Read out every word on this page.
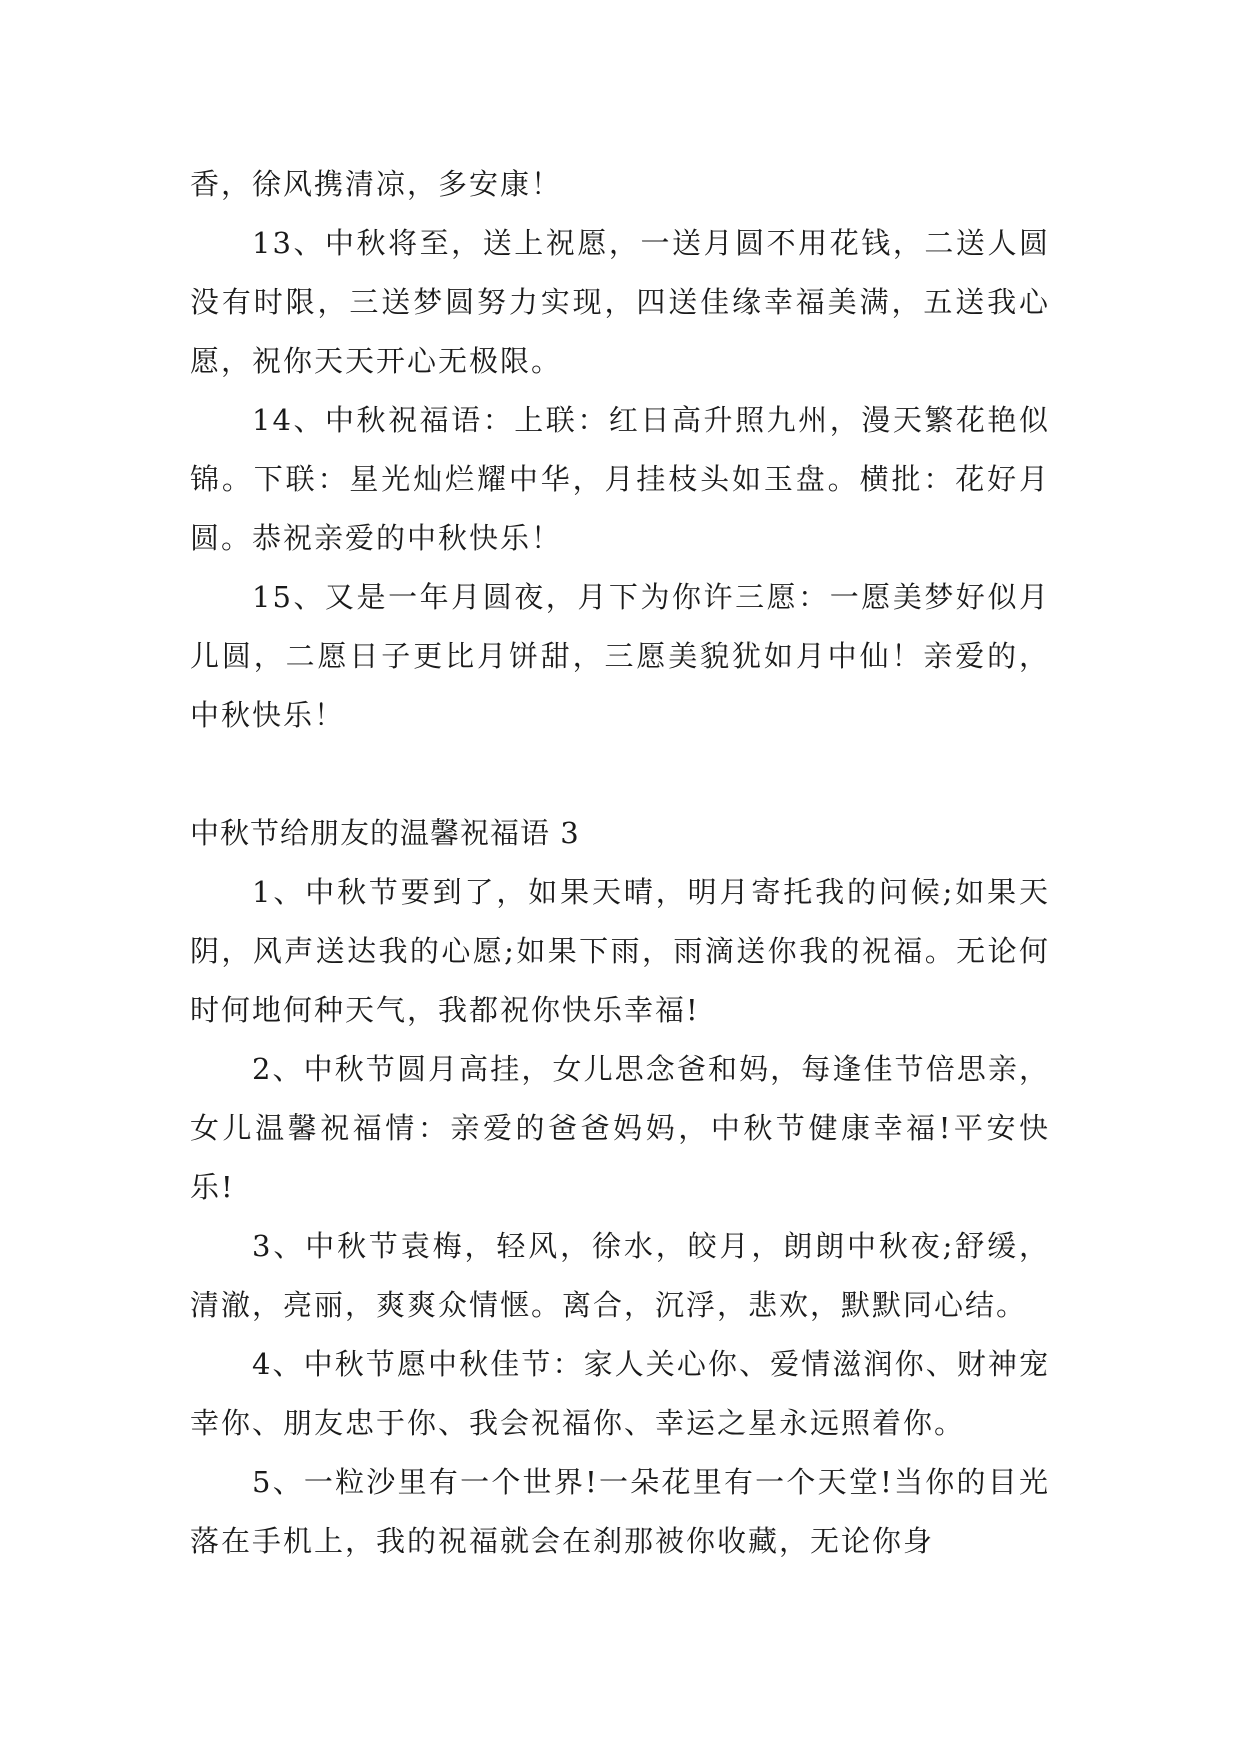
香，徐风携清凉，多安康！

13、中秋将至，送上祝愿，一送月圆不用花钱，二送人圆没有时限，三送梦圆努力实现，四送佳缘幸福美满，五送我心愿，祝你天天开心无极限。

14、中秋祝福语：上联：红日高升照九州，漫天繁花艳似锦。下联：星光灿烂耀中华，月挂枝头如玉盘。横批：花好月圆。恭祝亲爱的中秋快乐！

15、又是一年月圆夜，月下为你许三愿：一愿美梦好似月儿圆，二愿日子更比月饼甜，三愿美貌犹如月中仙！亲爱的，中秋快乐！

中秋节给朋友的温馨祝福语 3

1、中秋节要到了，如果天晴，明月寄托我的问候;如果天阴，风声送达我的心愿;如果下雨，雨滴送你我的祝福。无论何时何地何种天气，我都祝你快乐幸福!

2、中秋节圆月高挂，女儿思念爸和妈，每逢佳节倍思亲，女儿温馨祝福情：亲爱的爸爸妈妈，中秋节健康幸福!平安快乐!

3、中秋节袁梅，轻风，徐水，皎月，朗朗中秋夜;舒缓，清澈，亮丽，爽爽众情惬。离合，沉浮，悲欢，默默同心结。

4、中秋节愿中秋佳节：家人关心你、爱情滋润你、财神宠幸你、朋友忠于你、我会祝福你、幸运之星永远照着你。

5、一粒沙里有一个世界!一朵花里有一个天堂!当你的目光落在手机上，我的祝福就会在刹那被你收藏，无论你身
